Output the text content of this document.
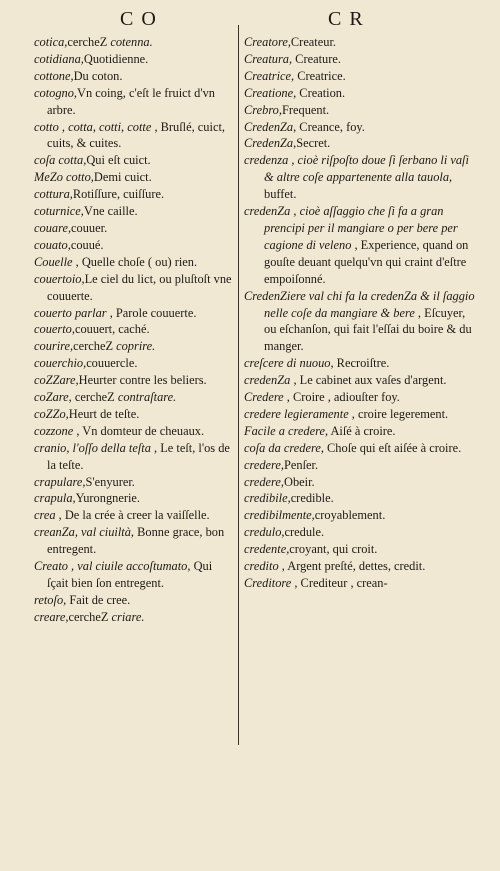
CO	CR

cotica,cercheZ cotenna.

cotidiana,Quotidienne.

cottone,Du coton.

cotogno,Vn coing, c'eſt le fruict d'vn arbre.

cotto , cotta, cotti, cotte , Bruſlé, cuict, cuits, & cuites.

coſa cotta,Qui eſt cuict.

MeZo cotto,Demi cuict.

cottura,Rotiſſure, cuiſſure.

coturnice,Vne caille.

couare,couuer.

couato,couué.

Couelle , Quelle choſe ( ou) rien.

couertoio,Le ciel du lict, ou pluſtoſt vne couuerte.

couerto parlar , Parole couuerte.

couerto,couuert, caché.

courire,cercheZ coprire.

couerchio,couuercle.

coZZare,Heurter contre les beliers.

coZare, cercheZ contraſtare.

coZZo,Heurt de teſte.

cozzone , Vn domteur de cheuaux.

cranio, l'oſſo della teſta , Le teſt, l'os de la teſte.

crapulare,S'enyurer.

crapula,Yurongnerie.

crea , De la crée à creer la vaiſſelle.

creanZa, val ciuiltà, Bonne grace, bon entregent.

Creato , val ciuile accoſtumato, Qui ſçait bien ſon entregent.

retoſo, Fait de cree.

creare,cercheZ criare.

Creatore,Createur.

Creatura, Creature.

Creatrice, Creatrice.

Creatione, Creation.

Crebro,Frequent.

CredenZa, Creance, foy.

CredenZa,Secret.

credenza , cioè riſpoſto doue ſi ſerbano li vaſi & altre coſe appartenente alla tauola, buffet.

credenZa , cioè aſſaggio che ſi fa a gran prencipi per il mangiare o per bere per cagione di veleno , Experience, quand on gouſte deuant quelqu'vn qui craint d'eſtre empoiſonné.

CredenZiere val chi fa la credenZa & il ſaggio nelle coſe da mangiare & bere , Eſcuyer, ou eſchanſon, qui fait l'eſſai du boire & du manger.

creſcere di nuouo, Recroiſtre.

credenZa , Le cabinet aux vaſes d'argent.

Credere , Croire , adiouſter foy.

credere legieramente , croire legerement.

Facile a credere, Aiſé à croire.

coſa da credere, Choſe qui eſt aiſée à croire.

credere,Penſer.

credere,Obeir.

credibile,credible.

credibilmente,croyablement.

credulo,credule.

credente,croyant, qui croit.

credito , Argent preſté, dettes, credit.

Creditore , Crediteur , crean-
